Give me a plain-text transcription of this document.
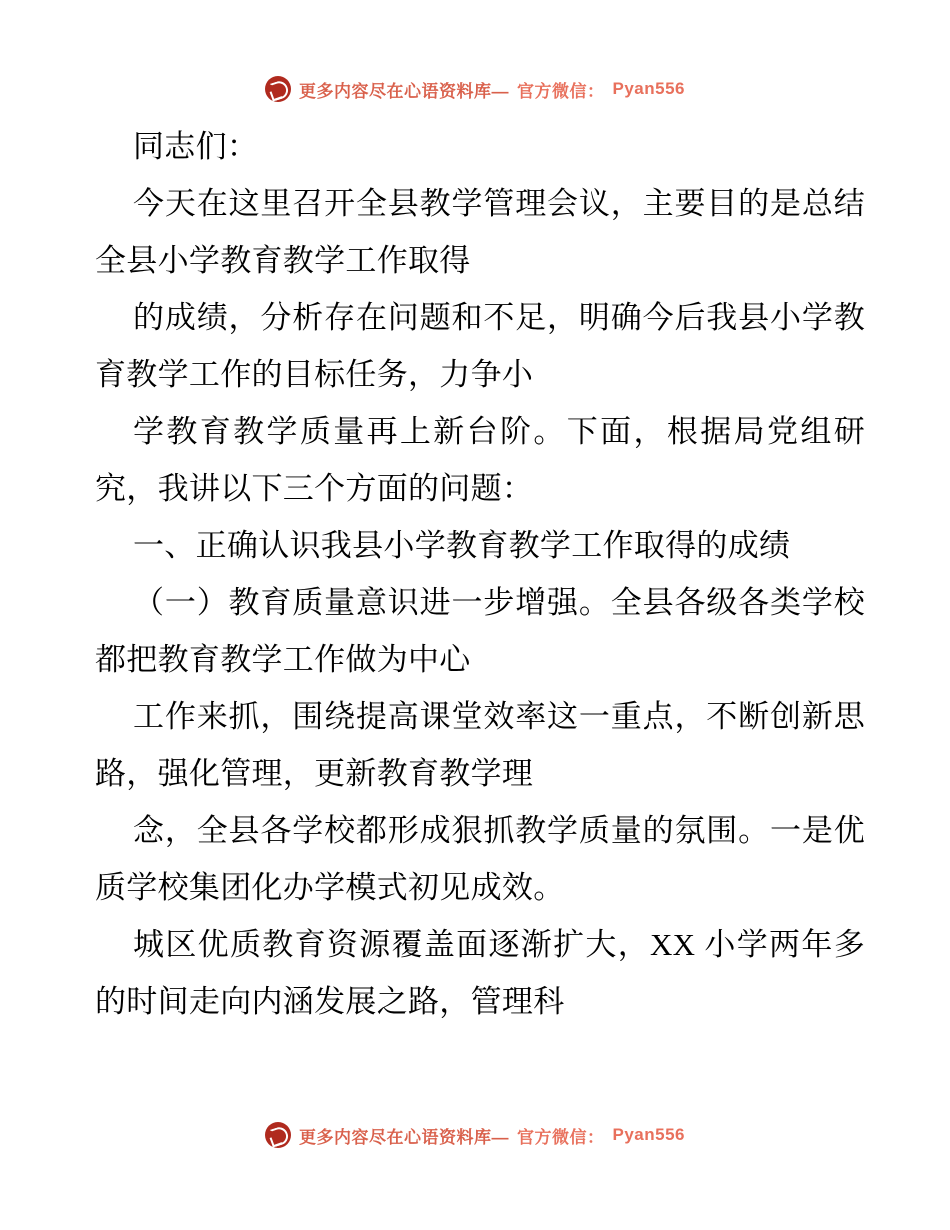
更多内容尽在心语资料库— 官方微信： Pyan556

同志们：

今天在这里召开全县教学管理会议，主要目的是总结全县小学教育教学工作取得

的成绩，分析存在问题和不足，明确今后我县小学教育教学工作的目标任务，力争小

学教育教学质量再上新台阶。下面，根据局党组研究，我讲以下三个方面的问题：

一、正确认识我县小学教育教学工作取得的成绩

（一）教育质量意识进一步增强。全县各级各类学校都把教育教学工作做为中心

工作来抓，围绕提高课堂效率这一重点，不断创新思路，强化管理，更新教育教学理

念，全县各学校都形成狠抓教学质量的氛围。一是优质学校集团化办学模式初见成效。

城区优质教育资源覆盖面逐渐扩大，XX 小学两年多的时间走向内涵发展之路，管理科

更多内容尽在心语资料库— 官方微信： Pyan556
